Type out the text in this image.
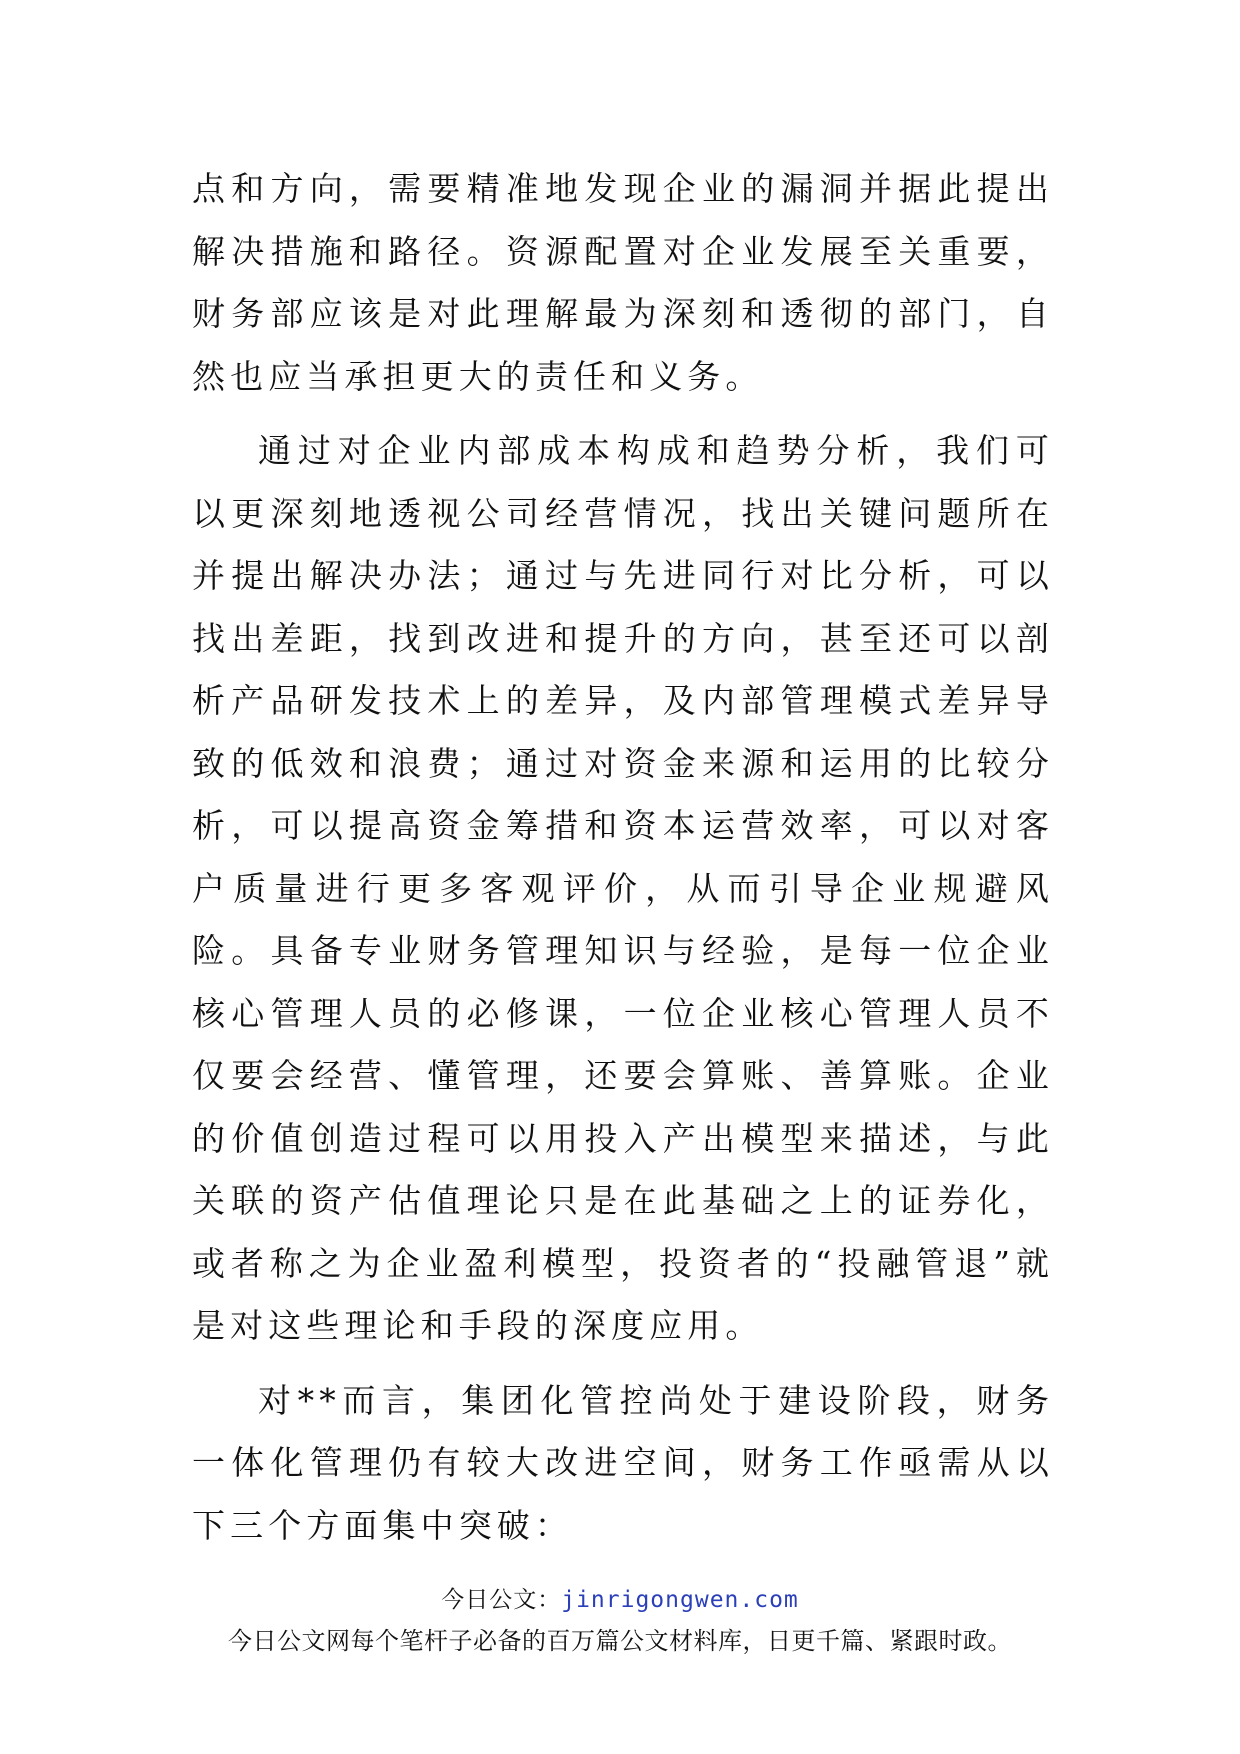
点和方向，需要精准地发现企业的漏洞并据此提出解决措施和路径。资源配置对企业发展至关重要，财务部应该是对此理解最为深刻和透彻的部门，自然也应当承担更大的责任和义务。

通过对企业内部成本构成和趋势分析，我们可以更深刻地透视公司经营情况，找出关键问题所在并提出解决办法；通过与先进同行对比分析，可以找出差距，找到改进和提升的方向，甚至还可以剖析产品研发技术上的差异，及内部管理模式差异导致的低效和浪费；通过对资金来源和运用的比较分析，可以提高资金筹措和资本运营效率，可以对客户质量进行更多客观评价，从而引导企业规避风险。具备专业财务管理知识与经验，是每一位企业核心管理人员的必修课，一位企业核心管理人员不仅要会经营、懂管理，还要会算账、善算账。企业的价值创造过程可以用投入产出模型来描述，与此关联的资产估值理论只是在此基础之上的证券化，或者称之为企业盈利模型，投资者的“投融管退”就是对这些理论和手段的深度应用。

对**而言，集团化管控尚处于建设阶段，财务一体化管理仍有较大改进空间，财务工作亟需从以下三个方面集中突破：

今日公文：jinrigongwen.com
今日公文网每个笔杆子必备的百万篇公文材料库，日更千篇、紧跟时政。
